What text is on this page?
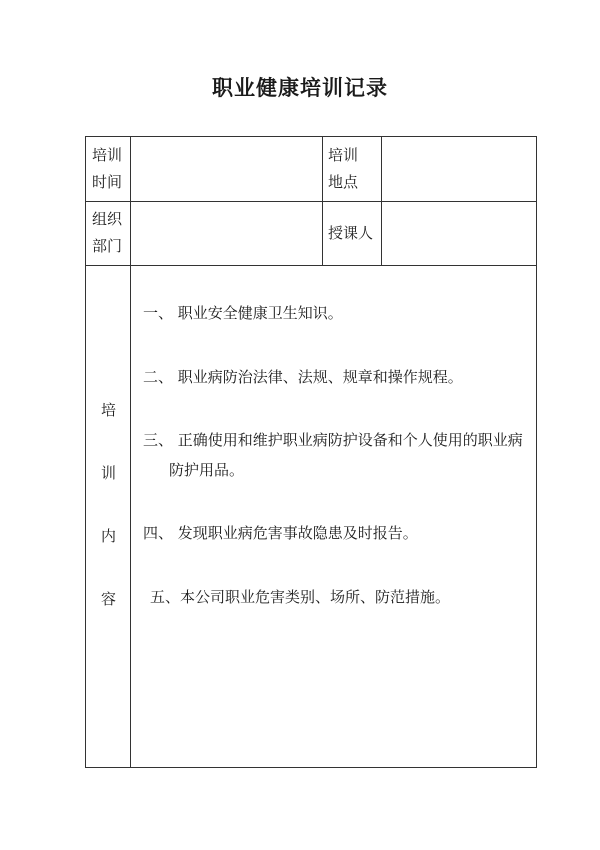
职业健康培训记录
培训
时间
培训
地点
组织
部门
授课人
培
训
内
容
一、 职业安全健康卫生知识。
二、 职业病防治法律、法规、规章和操作规程。
三、 正确使用和维护职业病防护设备和个人使用的职业病
防护用品。
四、 发现职业病危害事故隐患及时报告。
五、本公司职业危害类别、场所、防范措施。
